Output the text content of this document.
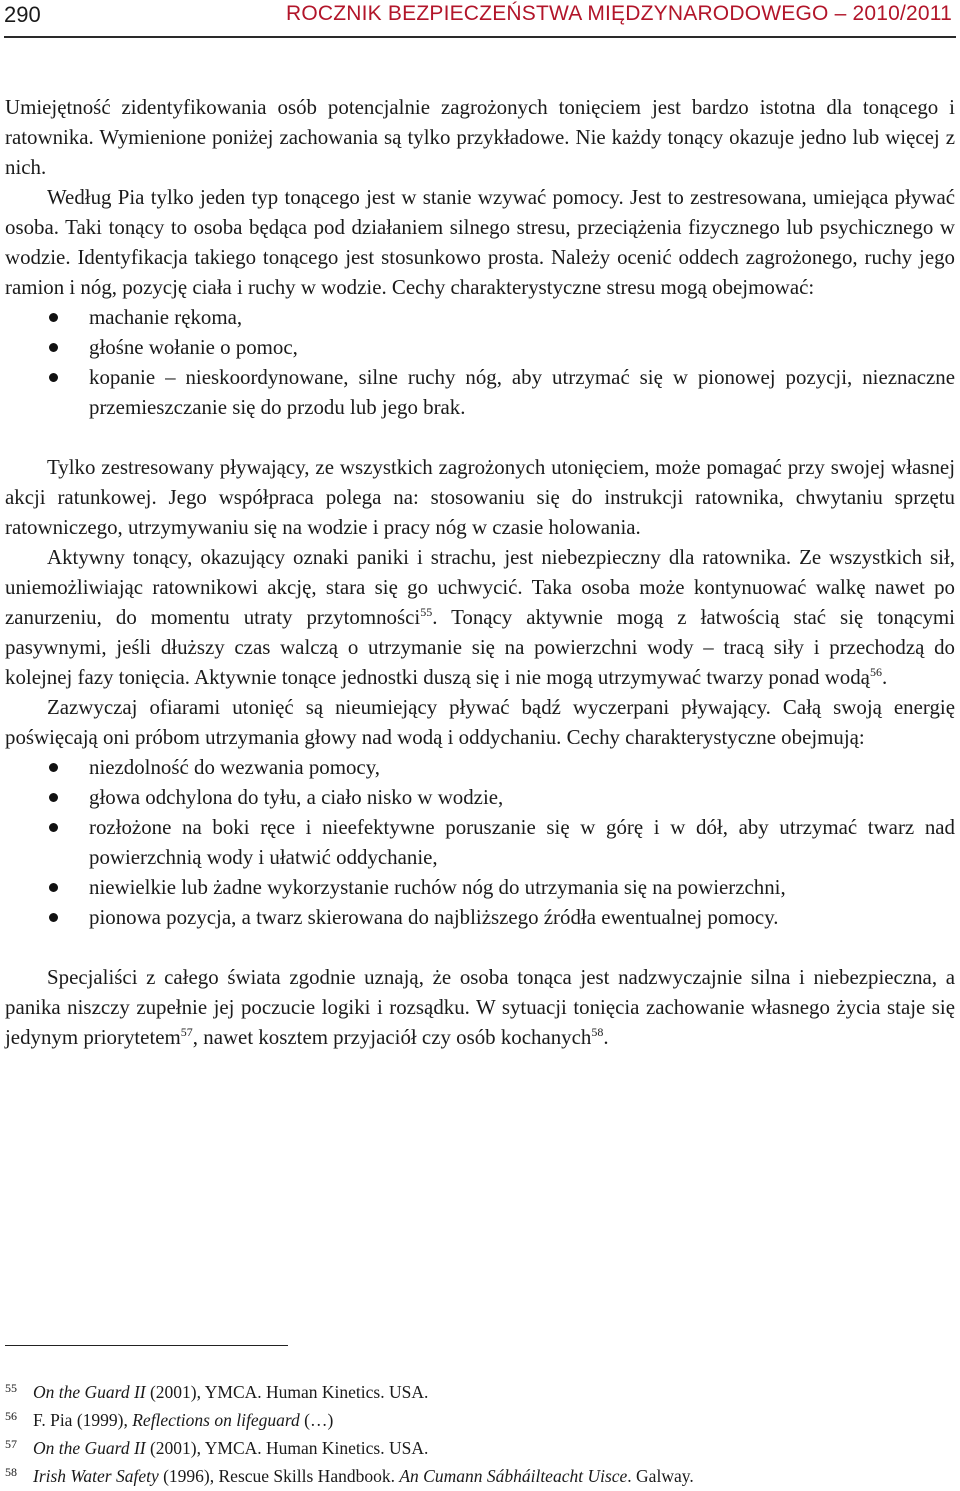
290	ROCZNIK BEZPIECZEŃSTWA MIĘDZYNARODOWEGO – 2010/2011

Umiejętność zidentyfikowania osób potencjalnie zagrożonych tonięciem jest bardzo istotna dla tonącego i ratownika. Wymienione poniżej zachowania są tylko przykładowe. Nie każdy tonący okazuje jedno lub więcej z nich.

Według Pia tylko jeden typ tonącego jest w stanie wzywać pomocy. Jest to zestresowana, umiejąca pływać osoba. Taki tonący to osoba będąca pod działaniem silnego stresu, przeciążenia fizycznego lub psychicznego w wodzie. Identyfikacja takiego tonącego jest stosunkowo prosta. Należy ocenić oddech zagrożonego, ruchy jego ramion i nóg, pozycję ciała i ruchy w wodzie. Cechy charakterystyczne stresu mogą obejmować:

machanie rękoma,
głośne wołanie o pomoc,
kopanie – nieskoordynowane, silne ruchy nóg, aby utrzymać się w pionowej pozycji, nieznaczne przemieszczanie się do przodu lub jego brak.

Tylko zestresowany pływający, ze wszystkich zagrożonych utonięciem, może pomagać przy swojej własnej akcji ratunkowej. Jego współpraca polega na: stosowaniu się do instrukcji ratownika, chwytaniu sprzętu ratowniczego, utrzymywaniu się na wodzie i pracy nóg w czasie holowania.

Aktywny tonący, okazujący oznaki paniki i strachu, jest niebezpieczny dla ratownika. Ze wszystkich sił, uniemożliwiając ratownikowi akcję, stara się go uchwycić. Taka osoba może kontynuować walkę nawet po zanurzeniu, do momentu utraty przytomności$^{55}$. Tonący aktywnie mogą z łatwością stać się tonącymi pasywnymi, jeśli dłuższy czas walczą o utrzymanie się na powierzchni wody – tracą siły i przechodzą do kolejnej fazy tonięcia. Aktywnie tonące jednostki duszą się i nie mogą utrzymywać twarzy ponad wodą$^{56}$.

Zazwyczaj ofiarami utonięć są nieumiejący pływać bądź wyczerpani pływający. Całą swoją energię poświęcają oni próbom utrzymania głowy nad wodą i oddychaniu. Cechy charakterystyczne obejmują:

niezdolność do wezwania pomocy,
głowa odchylona do tyłu, a ciało nisko w wodzie,
rozłożone na boki ręce i nieefektywne poruszanie się w górę i w dół, aby utrzymać twarz nad powierzchnią wody i ułatwić oddychanie,
niewielkie lub żadne wykorzystanie ruchów nóg do utrzymania się na powierzchni,
pionowa pozycja, a twarz skierowana do najbliższego źródła ewentualnej pomocy.

Specjaliści z całego świata zgodnie uznają, że osoba tonąca jest nadzwyczajnie silna i niebezpieczna, a panika niszczy zupełnie jej poczucie logiki i rozsądku. W sytuacji tonięcia zachowanie własnego życia staje się jedynym priorytetem$^{57}$, nawet kosztem przyjaciół czy osób kochanych$^{58}$.

55 On the Guard II (2001), YMCA. Human Kinetics. USA.
56 F. Pia (1999), Reflections on lifeguard (…)
57 On the Guard II (2001), YMCA. Human Kinetics. USA.
58 Irish Water Safety (1996), Rescue Skills Handbook. An Cumann Sábháilteacht Uisce. Galway.
